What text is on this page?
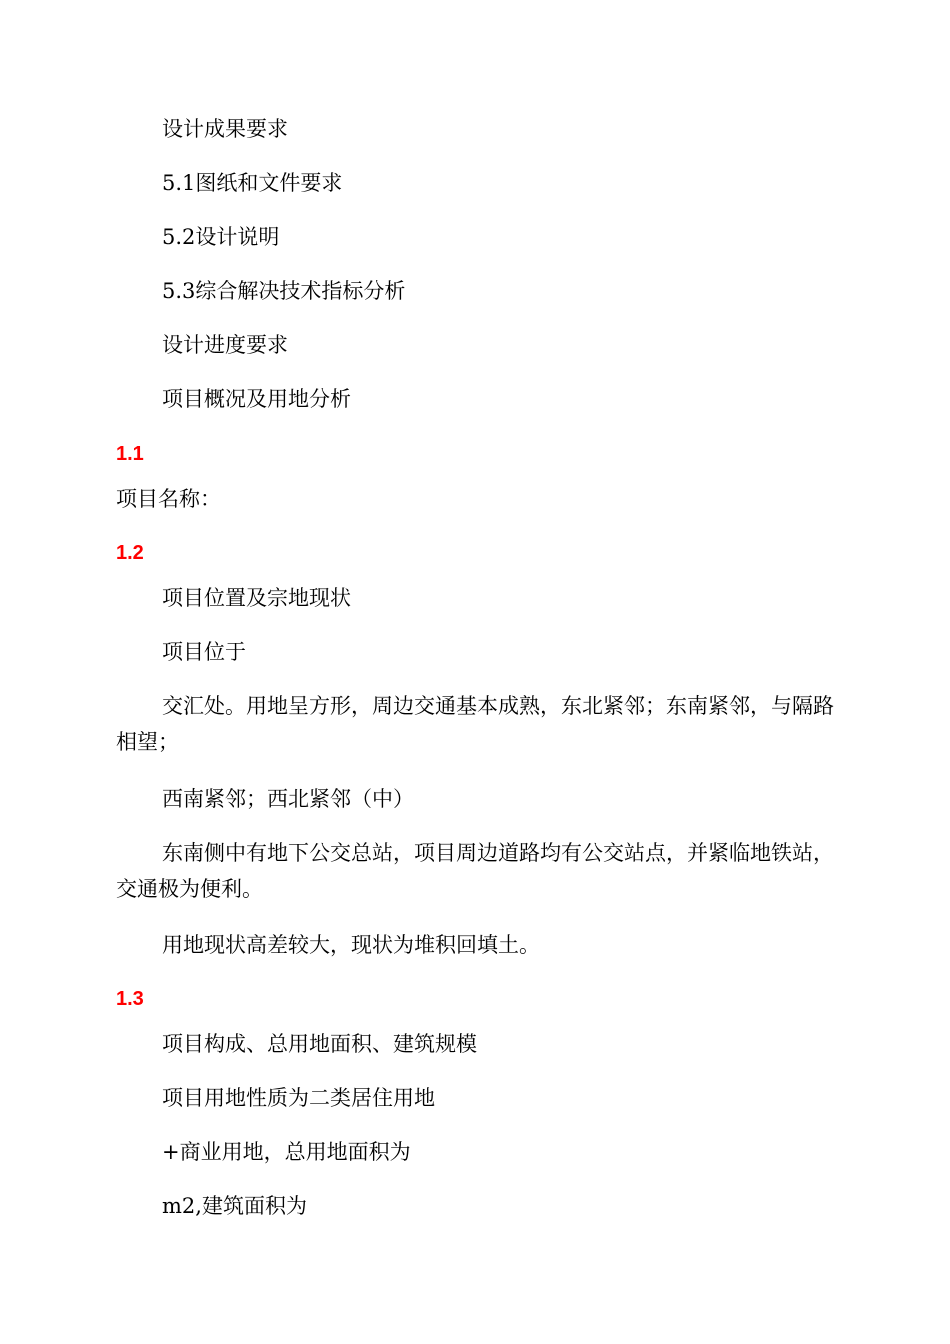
设计成果要求
5.1图纸和文件要求
5.2设计说明
5.3综合解决技术指标分析
设计进度要求
项目概况及用地分析
1.1
项目名称：
1.2
项目位置及宗地现状
项目位于

交汇处。用地呈方形，周边交通基本成熟，东北紧邻；东南紧邻，与隔路相望；

西南紧邻；西北紧邻（中）

东南侧中有地下公交总站，项目周边道路均有公交站点，并紧临地铁站，交通极为便利。

用地现状高差较大，现状为堆积回填土。
1.3
项目构成、总用地面积、建筑规模
项目用地性质为二类居住用地
+商业用地，总用地面积为
m2,建筑面积为
